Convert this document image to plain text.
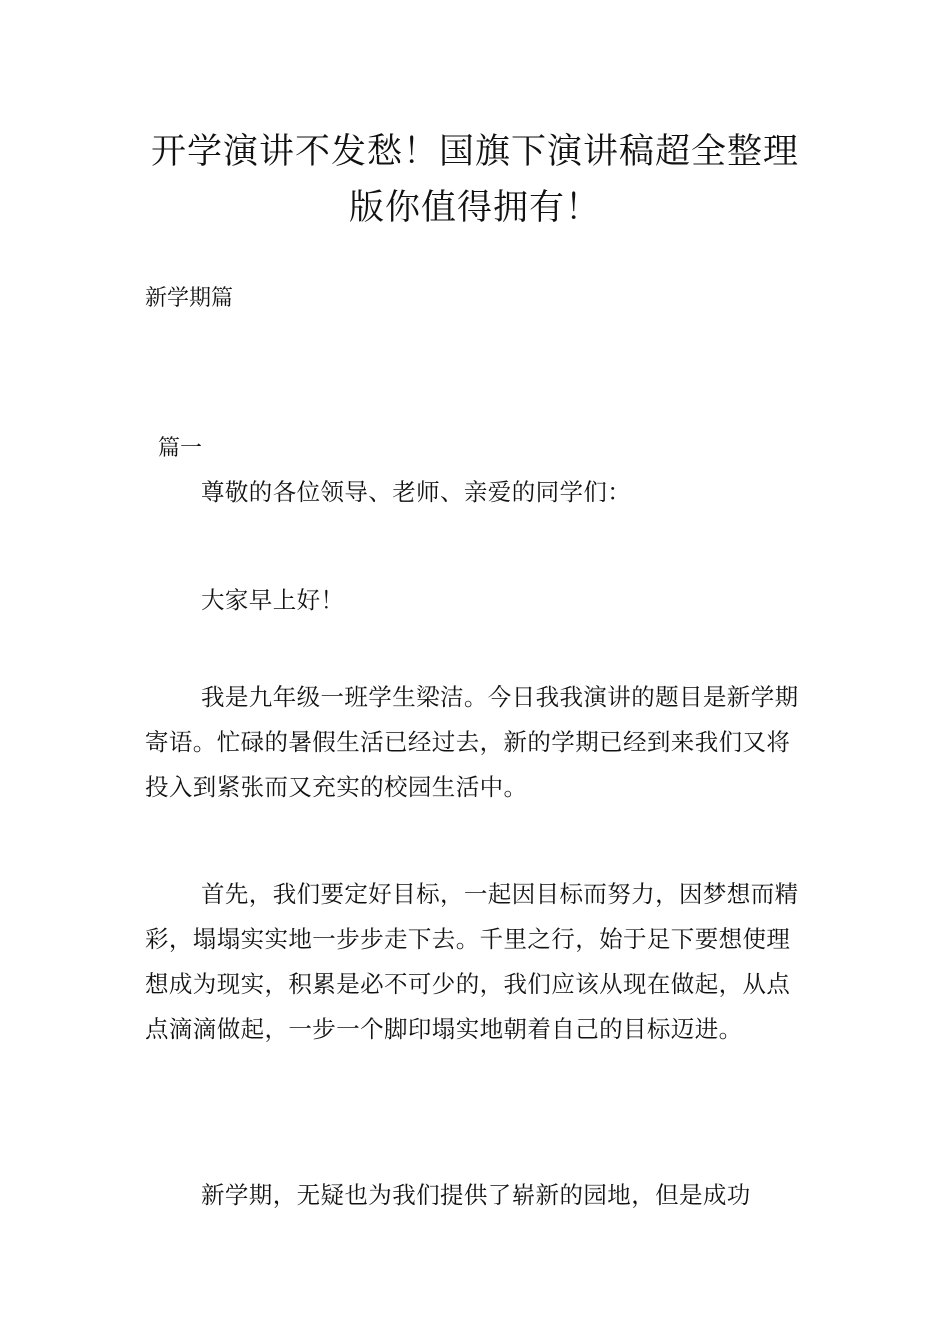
开学演讲不发愁！国旗下演讲稿超全整理
版你值得拥有！
新学期篇
篇一

尊敬的各位领导、老师、亲爱的同学们：

大家早上好！

我是九年级一班学生梁洁。今日我我演讲的题目是新学期寄语。忙碌的暑假生活已经过去，新的学期已经到来我们又将投入到紧张而又充实的校园生活中。

首先，我们要定好目标，一起因目标而努力，因梦想而精彩，塌塌实实地一步步走下去。千里之行，始于足下要想使理想成为现实，积累是必不可少的，我们应该从现在做起，从点点滴滴做起，一步一个脚印塌实地朝着自己的目标迈进。

新学期，无疑也为我们提供了崭新的园地，但是成功
